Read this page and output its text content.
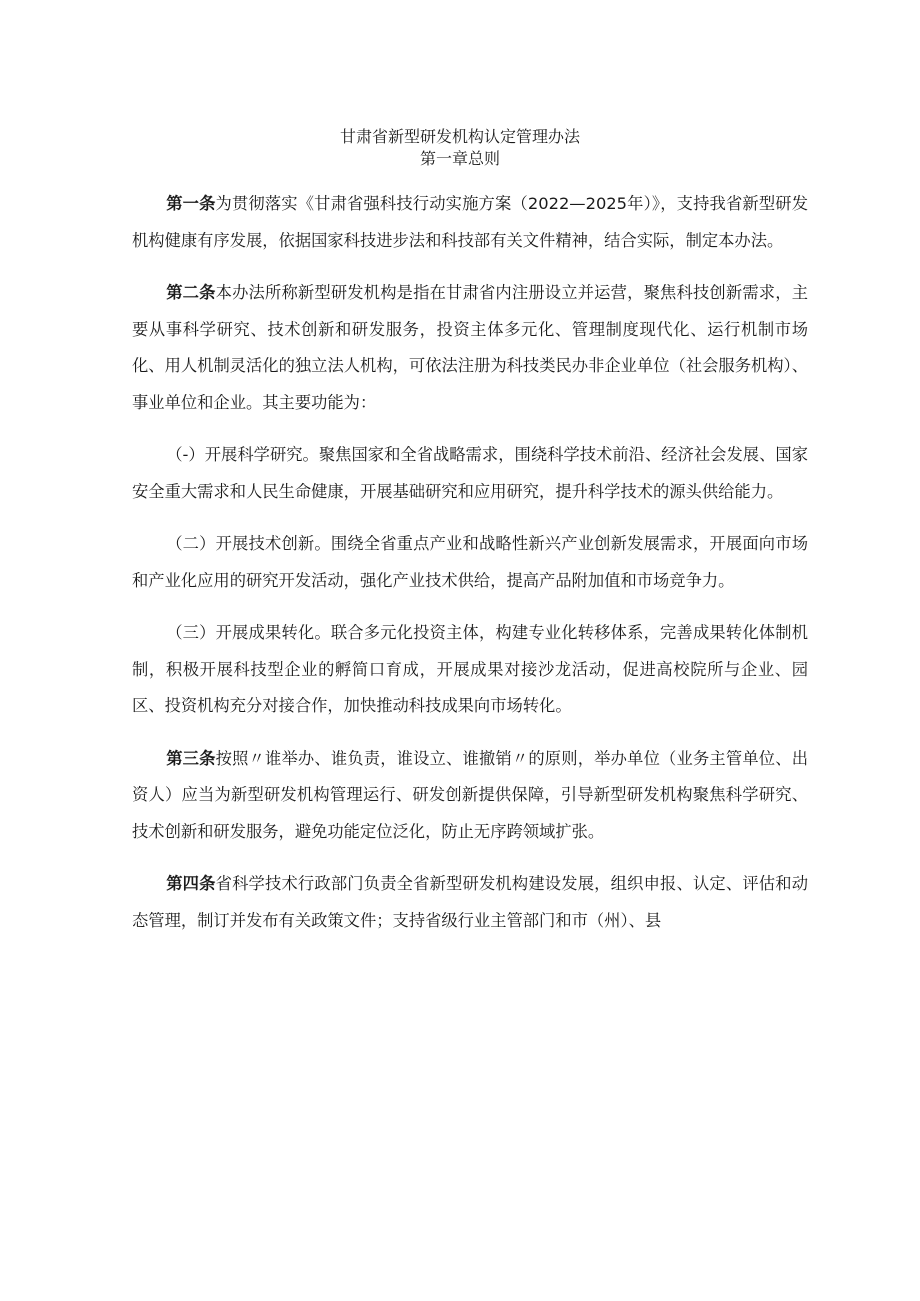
甘肃省新型研发机构认定管理办法
第一章总则

第一条为贯彻落实《甘肃省强科技行动实施方案（2022—2025年）》，支持我省新型研发机构健康有序发展，依据国家科技进步法和科技部有关文件精神，结合实际，制定本办法。

第二条本办法所称新型研发机构是指在甘肃省内注册设立并运营，聚焦科技创新需求，主要从事科学研究、技术创新和研发服务，投资主体多元化、管理制度现代化、运行机制市场化、用人机制灵活化的独立法人机构，可依法注册为科技类民办非企业单位（社会服务机构）、事业单位和企业。其主要功能为：

（-）开展科学研究。聚焦国家和全省战略需求，围绕科学技术前沿、经济社会发展、国家安全重大需求和人民生命健康，开展基础研究和应用研究，提升科学技术的源头供给能力。

（二）开展技术创新。围绕全省重点产业和战略性新兴产业创新发展需求，开展面向市场和产业化应用的研究开发活动，强化产业技术供给，提高产品附加值和市场竞争力。

（三）开展成果转化。联合多元化投资主体，构建专业化转移体系，完善成果转化体制机制，积极开展科技型企业的孵简口育成，开展成果对接沙龙活动，促进高校院所与企业、园区、投资机构充分对接合作，加快推动科技成果向市场转化。

第三条按照〃谁举办、谁负责，谁设立、谁撤销〃的原则，举办单位（业务主管单位、出资人）应当为新型研发机构管理运行、研发创新提供保障，引导新型研发机构聚焦科学研究、技术创新和研发服务，避免功能定位泛化，防止无序跨领域扩张。

第四条省科学技术行政部门负责全省新型研发机构建设发展，组织申报、认定、评估和动态管理，制订并发布有关政策文件；支持省级行业主管部门和市（州）、县
